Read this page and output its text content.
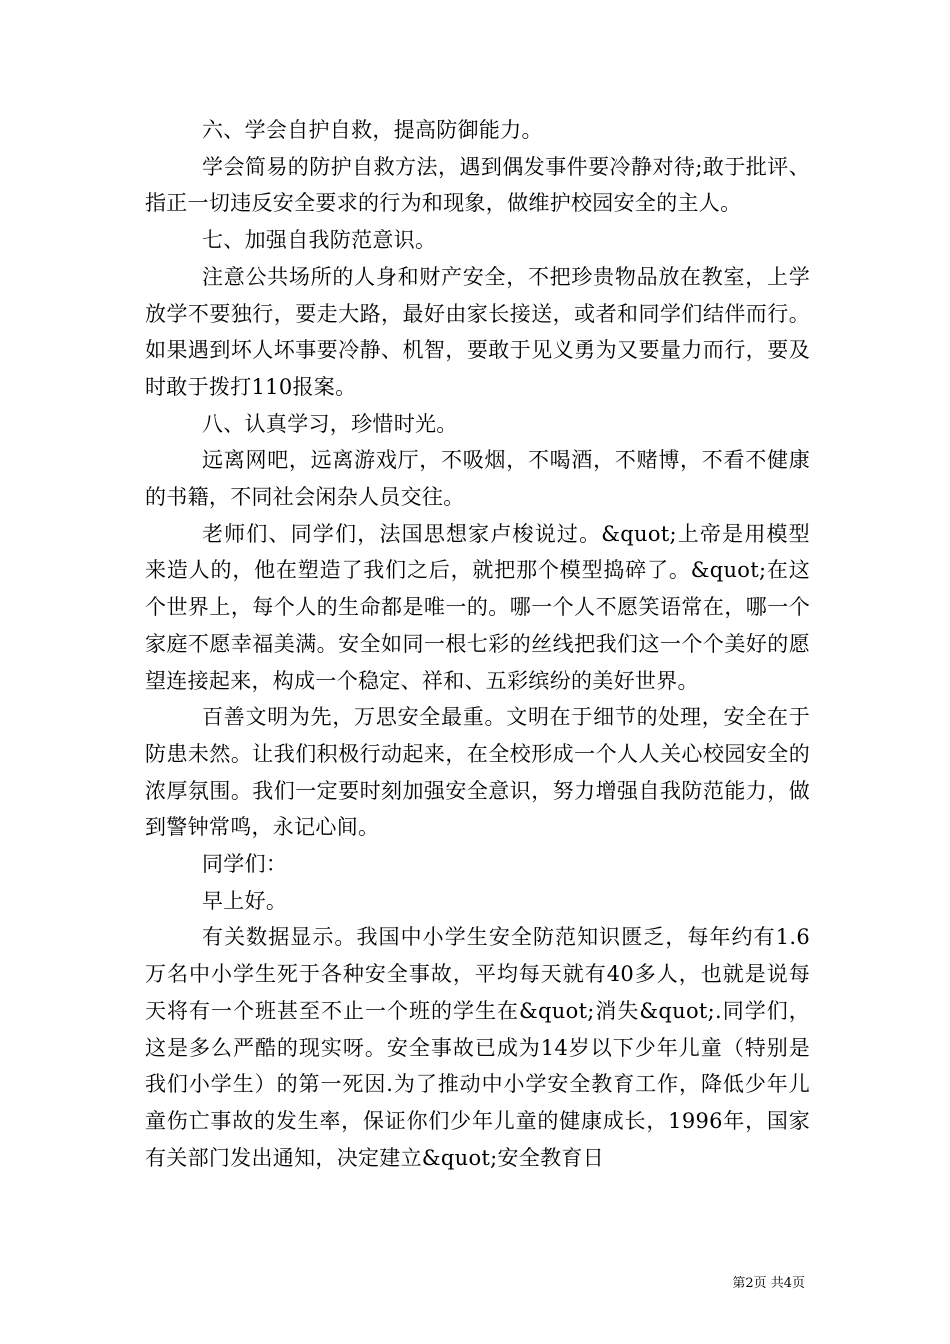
六、学会自护自救，提高防御能力。

学会简易的防护自救方法，遇到偶发事件要冷静对待;敢于批评、指正一切违反安全要求的行为和现象，做维护校园安全的主人。

七、加强自我防范意识。

注意公共场所的人身和财产安全，不把珍贵物品放在教室，上学放学不要独行，要走大路，最好由家长接送，或者和同学们结伴而行。如果遇到坏人坏事要冷静、机智，要敢于见义勇为又要量力而行，要及时敢于拨打110报案。

八、认真学习，珍惜时光。

远离网吧，远离游戏厅，不吸烟，不喝酒，不赌博，不看不健康的书籍，不同社会闲杂人员交往。

老师们、同学们，法国思想家卢梭说过。&quot;上帝是用模型来造人的，他在塑造了我们之后，就把那个模型捣碎了。&quot;在这个世界上，每个人的生命都是唯一的。哪一个人不愿笑语常在，哪一个家庭不愿幸福美满。安全如同一根七彩的丝线把我们这一个个美好的愿望连接起来，构成一个稳定、祥和、五彩缤纷的美好世界。

百善文明为先，万思安全最重。文明在于细节的处理，安全在于防患未然。让我们积极行动起来，在全校形成一个人人关心校园安全的浓厚氛围。我们一定要时刻加强安全意识，努力增强自我防范能力，做到警钟常鸣，永记心间。

同学们：

早上好。

有关数据显示。我国中小学生安全防范知识匮乏，每年约有1.6万名中小学生死于各种安全事故，平均每天就有40多人，也就是说每天将有一个班甚至不止一个班的学生在&quot;消失&quot;.同学们，这是多么严酷的现实呀。安全事故已成为14岁以下少年儿童（特别是我们小学生）的第一死因.为了推动中小学安全教育工作，降低少年儿童伤亡事故的发生率，保证你们少年儿童的健康成长，1996年，国家有关部门发出通知，决定建立&quot;安全教育日

第2页 共4页
